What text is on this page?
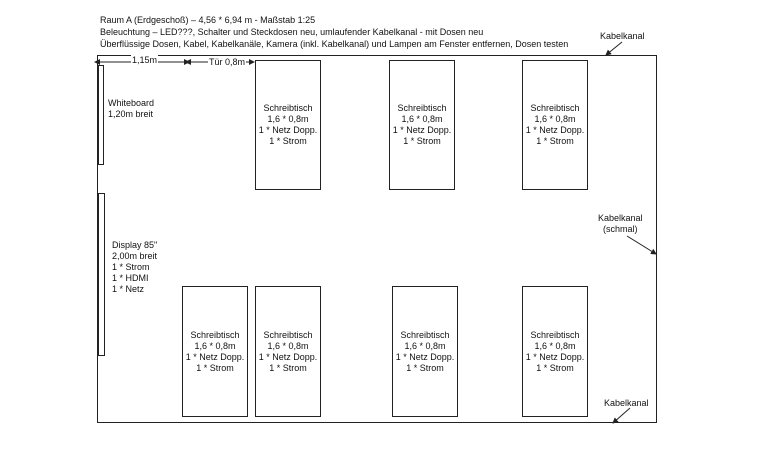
Raum A (Erdgeschoß) – 4,56 * 6,94 m - Maßstab 1:25
Beleuchtung – LED???, Schalter und Steckdosen neu, umlaufender Kabelkanal - mit Dosen neu
Überflüssige Dosen, Kabel, Kabelkanäle, Kamera (inkl. Kabelkanal) und Lampen am Fenster entfernen, Dosen testen
Whiteboard
1,20m breit
Display 85"
2,00m breit
1 * Strom
1 * HDMI
1 * Netz
Schreibtisch
1,6 * 0,8m
1 * Netz Dopp.
1 * Strom
Schreibtisch
1,6 * 0,8m
1 * Netz Dopp.
1 * Strom
Schreibtisch
1,6 * 0,8m
1 * Netz Dopp.
1 * Strom
Schreibtisch
1,6 * 0,8m
1 * Netz Dopp.
1 * Strom
Schreibtisch
1,6 * 0,8m
1 * Netz Dopp.
1 * Strom
Schreibtisch
1,6 * 0,8m
1 * Netz Dopp.
1 * Strom
Schreibtisch
1,6 * 0,8m
1 * Netz Dopp.
1 * Strom
1,15m	Tür 0,8m
Kabelkanal
Kabelkanal
(schmal)
Kabelkanal
